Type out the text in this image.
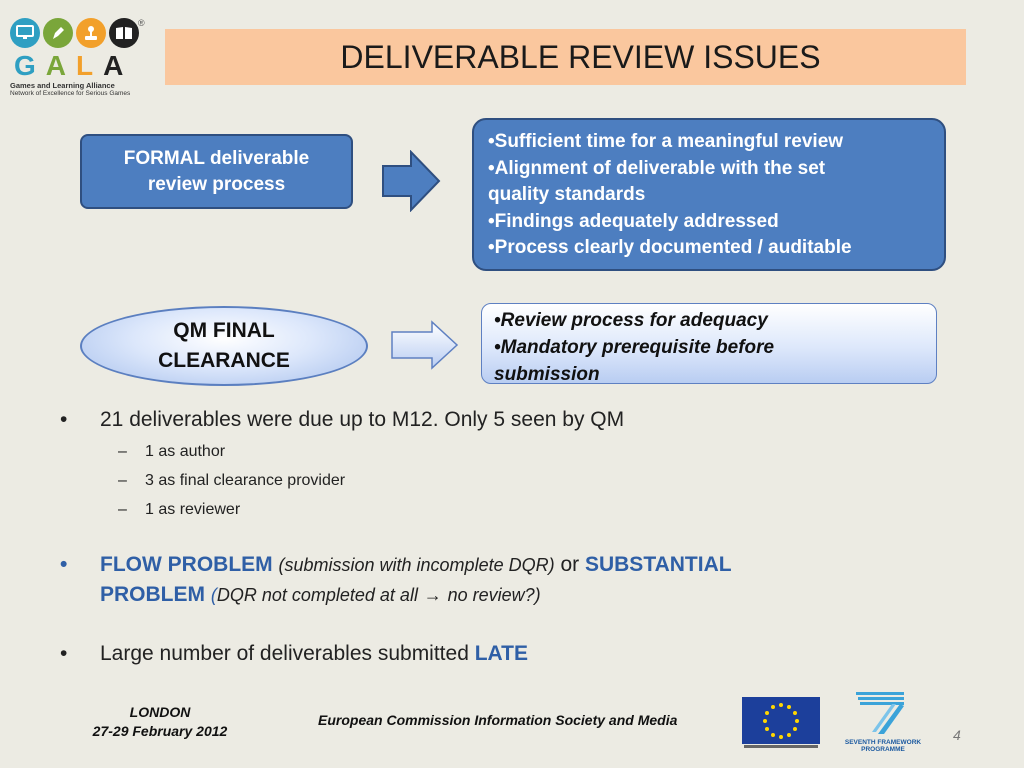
®
G A L A
Games and Learning Alliance
Network of Excellence for Serious Games
DELIVERABLE REVIEW ISSUES
FORMAL deliverable review process
•Sufficient time for a meaningful review
•Alignment of deliverable with the set
quality standards
•Findings adequately addressed
•Process clearly documented / auditable
QM FINAL
CLEARANCE
•Review process for adequacy
•Mandatory prerequisite before
submission
• 21 deliverables were due up to M12. Only 5 seen by QM
– 1 as author
– 3 as final clearance provider
– 1 as reviewer
• FLOW PROBLEM (submission with incomplete DQR) or SUBSTANTIAL
PROBLEM (DQR not completed at all → no review?)
• Large number of deliverables submitted LATE
LONDON
27-29 February 2012
European Commission Information Society and Media
SEVENTH FRAMEWORK
PROGRAMME
4
